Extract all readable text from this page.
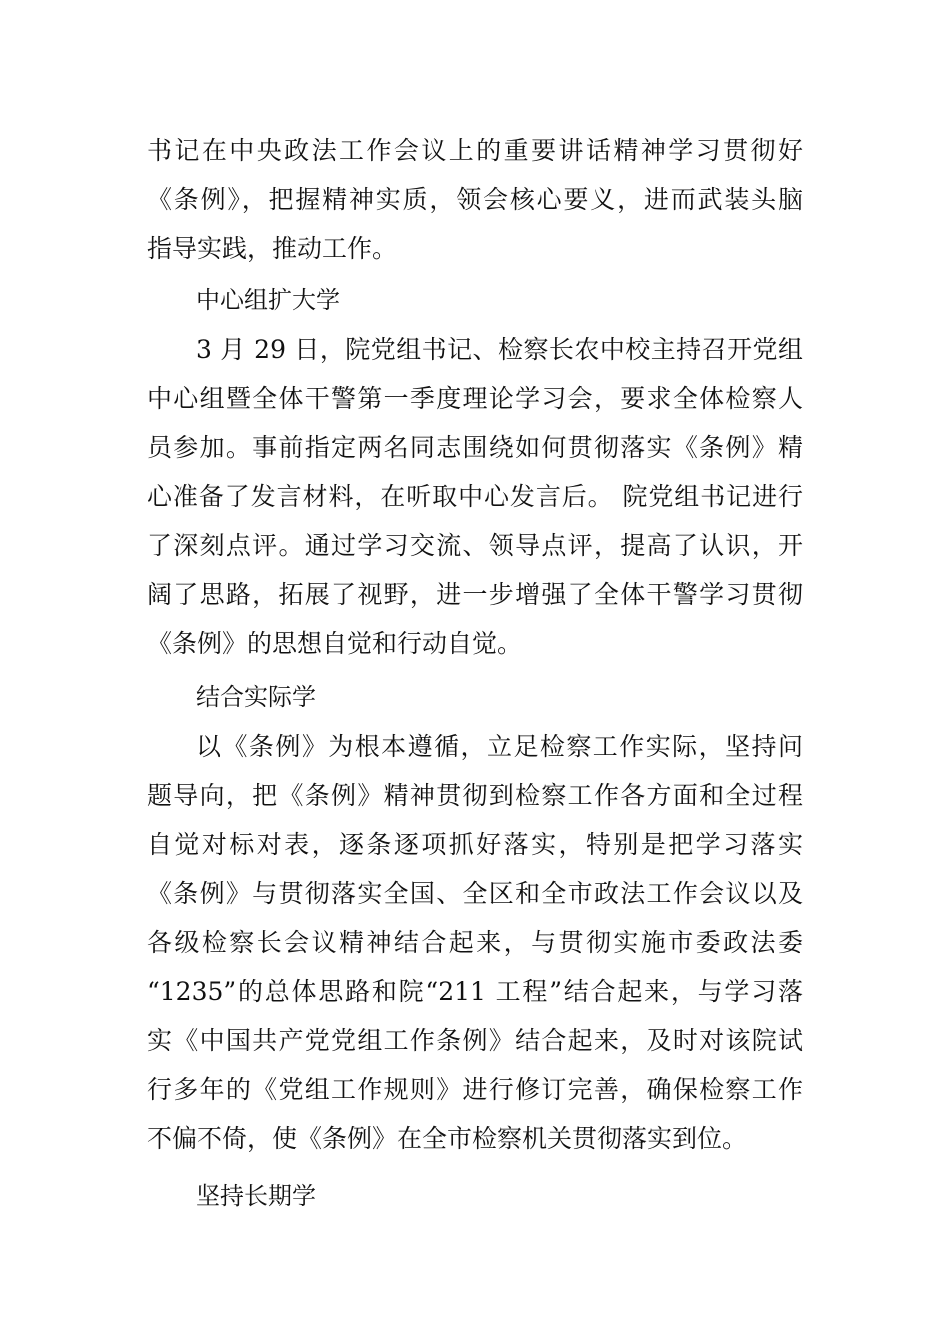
书记在中央政法工作会议上的重要讲话精神学习贯彻好
《条例》，把握精神实质，领会核心要义，进而武装头脑
指导实践，推动工作。
中心组扩大学
3 月 29 日，院党组书记、检察长农中校主持召开党组
中心组暨全体干警第一季度理论学习会，要求全体检察人
员参加。事前指定两名同志围绕如何贯彻落实《条例》精
心准备了发言材料，在听取中心发言后。 院党组书记进行
了深刻点评。通过学习交流、领导点评，提高了认识，开
阔了思路，拓展了视野，进一步增强了全体干警学习贯彻
《条例》的思想自觉和行动自觉。
结合实际学
以《条例》为根本遵循，立足检察工作实际，坚持问
题导向，把《条例》精神贯彻到检察工作各方面和全过程
自觉对标对表，逐条逐项抓好落实，特别是把学习落实
《条例》与贯彻落实全国、全区和全市政法工作会议以及
各级检察长会议精神结合起来，与贯彻实施市委政法委
“1235”的总体思路和院“211 工程”结合起来，与学习落
实《中国共产党党组工作条例》结合起来，及时对该院试
行多年的《党组工作规则》进行修订完善，确保检察工作
不偏不倚，使《条例》在全市检察机关贯彻落实到位。
坚持长期学
